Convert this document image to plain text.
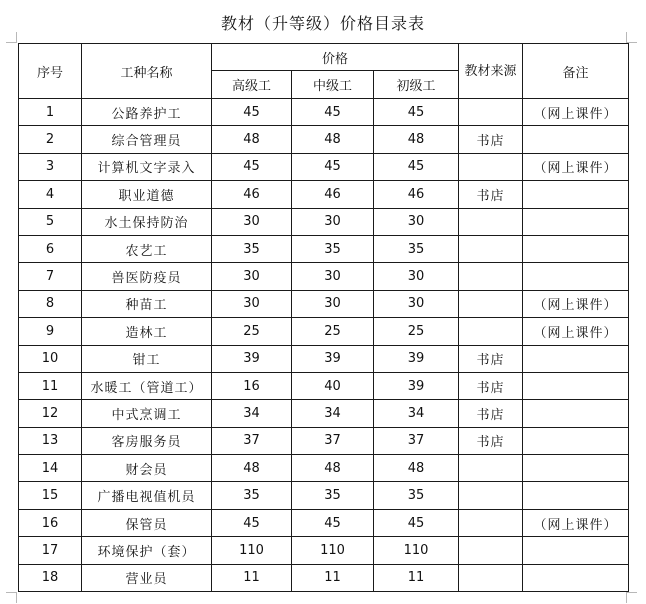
教材（升等级）价格目录表
序号	工种名称	价格			教材来源	备注
		高级工	中级工	初级工		
1	公路养护工	45	45	45		（网上课件）
2	综合管理员	48	48	48	书店	
3	计算机文字录入	45	45	45		（网上课件）
4	职业道德	46	46	46	书店	
5	水土保持防治	30	30	30		
6	农艺工	35	35	35		
7	兽医防疫员	30	30	30		
8	种苗工	30	30	30		（网上课件）
9	造林工	25	25	25		（网上课件）
10	钳工	39	39	39	书店	
11	水暖工（管道工）	16	40	39	书店	
12	中式烹调工	34	34	34	书店	
13	客房服务员	37	37	37	书店	
14	财会员	48	48	48		
15	广播电视值机员	35	35	35		
16	保管员	45	45	45		（网上课件）
17	环境保护（套）	110	110	110		
18	营业员	11	11	11		
